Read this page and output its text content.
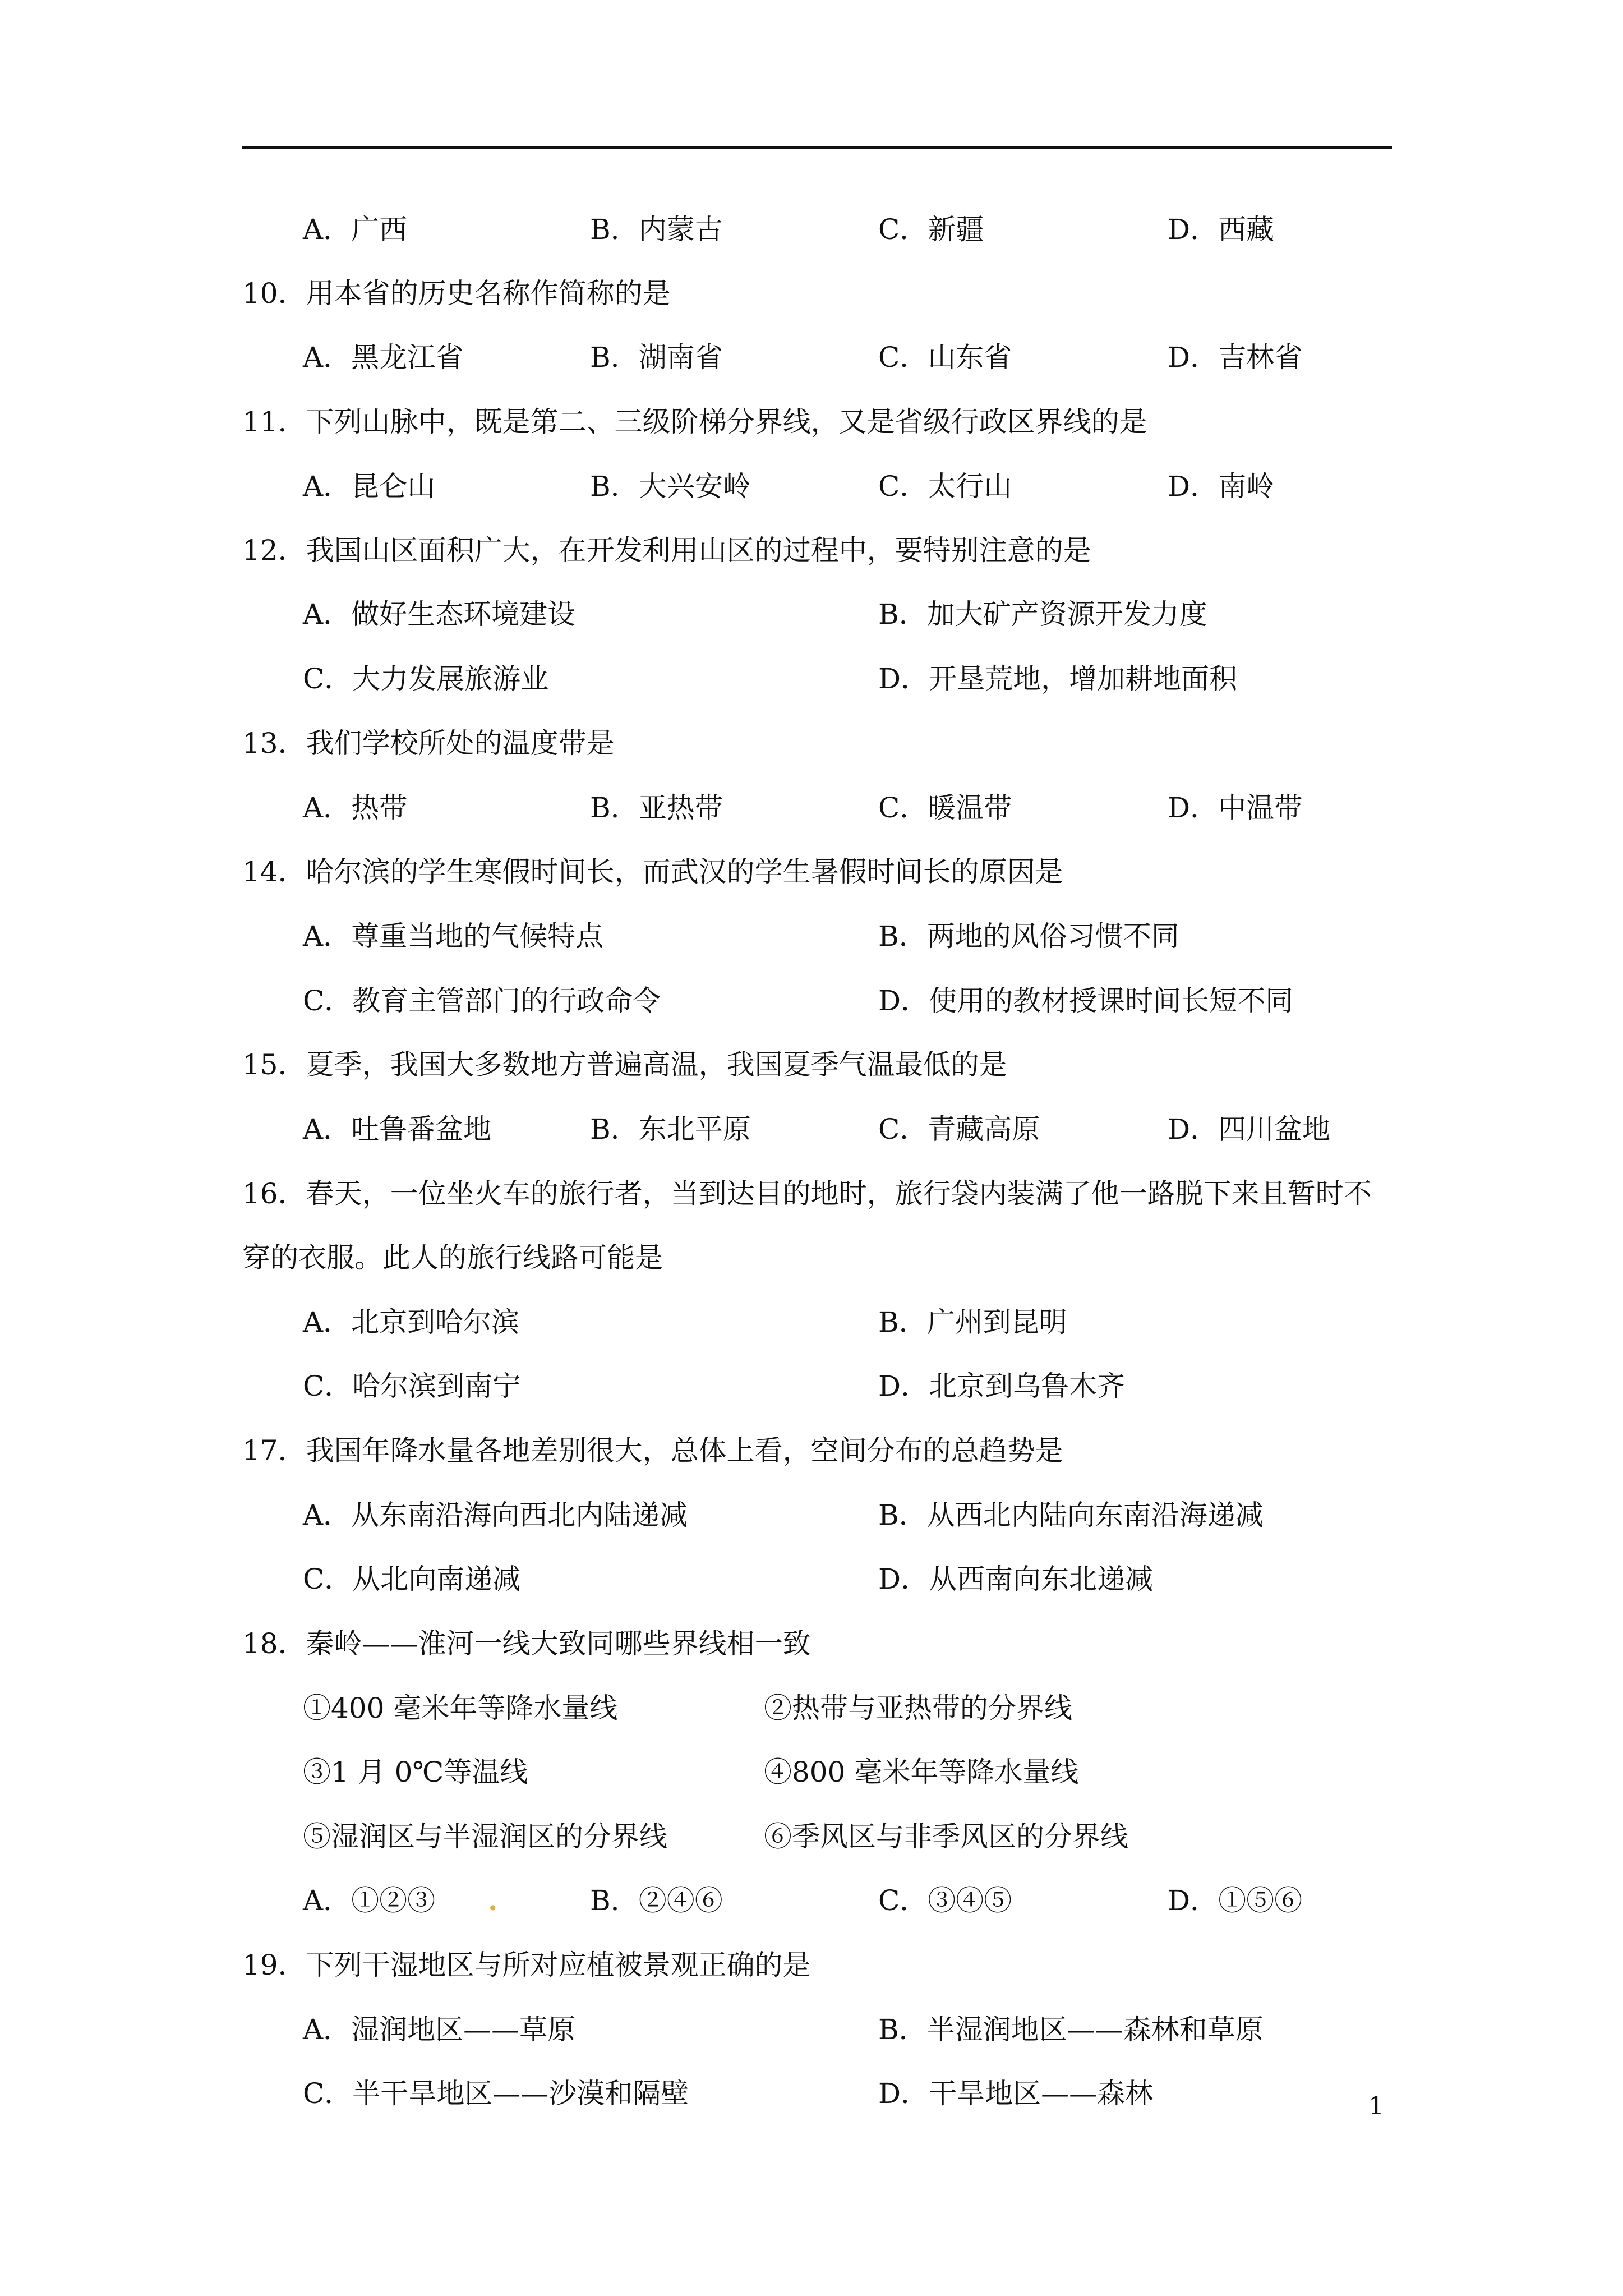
A．广西	B．内蒙古	C．新疆	D．西藏
10．用本省的历史名称作简称的是
A．黑龙江省	B．湖南省	C．山东省	D．吉林省
11．下列山脉中，既是第二、三级阶梯分界线，又是省级行政区界线的是
A．昆仑山	B．大兴安岭	C．太行山	D．南岭
12．我国山区面积广大，在开发利用山区的过程中，要特别注意的是
A．做好生态环境建设	B．加大矿产资源开发力度
C．大力发展旅游业	D．开垦荒地，增加耕地面积
13．我们学校所处的温度带是
A．热带	B．亚热带	C．暖温带	D．中温带
14．哈尔滨的学生寒假时间长，而武汉的学生暑假时间长的原因是
A．尊重当地的气候特点	B．两地的风俗习惯不同
C．教育主管部门的行政命令	D．使用的教材授课时间长短不同
15．夏季，我国大多数地方普遍高温，我国夏季气温最低的是
A．吐鲁番盆地	B．东北平原	C．青藏高原	D．四川盆地
16．春天，一位坐火车的旅行者，当到达目的地时，旅行袋内装满了他一路脱下来且暂时不
穿的衣服。此人的旅行线路可能是
A．北京到哈尔滨	B．广州到昆明
C．哈尔滨到南宁	D．北京到乌鲁木齐
17．我国年降水量各地差别很大，总体上看，空间分布的总趋势是
A．从东南沿海向西北内陆递减	B．从西北内陆向东南沿海递减
C．从北向南递减	D．从西南向东北递减
18．秦岭——淮河一线大致同哪些界线相一致
①400 毫米年等降水量线	②热带与亚热带的分界线
③1 月 0℃等温线	④800 毫米年等降水量线
⑤湿润区与半湿润区的分界线	⑥季风区与非季风区的分界线
A．①②③ .	B．②④⑥	C．③④⑤	D．①⑤⑥
19．下列干湿地区与所对应植被景观正确的是
A．湿润地区——草原	B．半湿润地区——森林和草原
C．半干旱地区——沙漠和隔壁	D．干旱地区——森林	1
